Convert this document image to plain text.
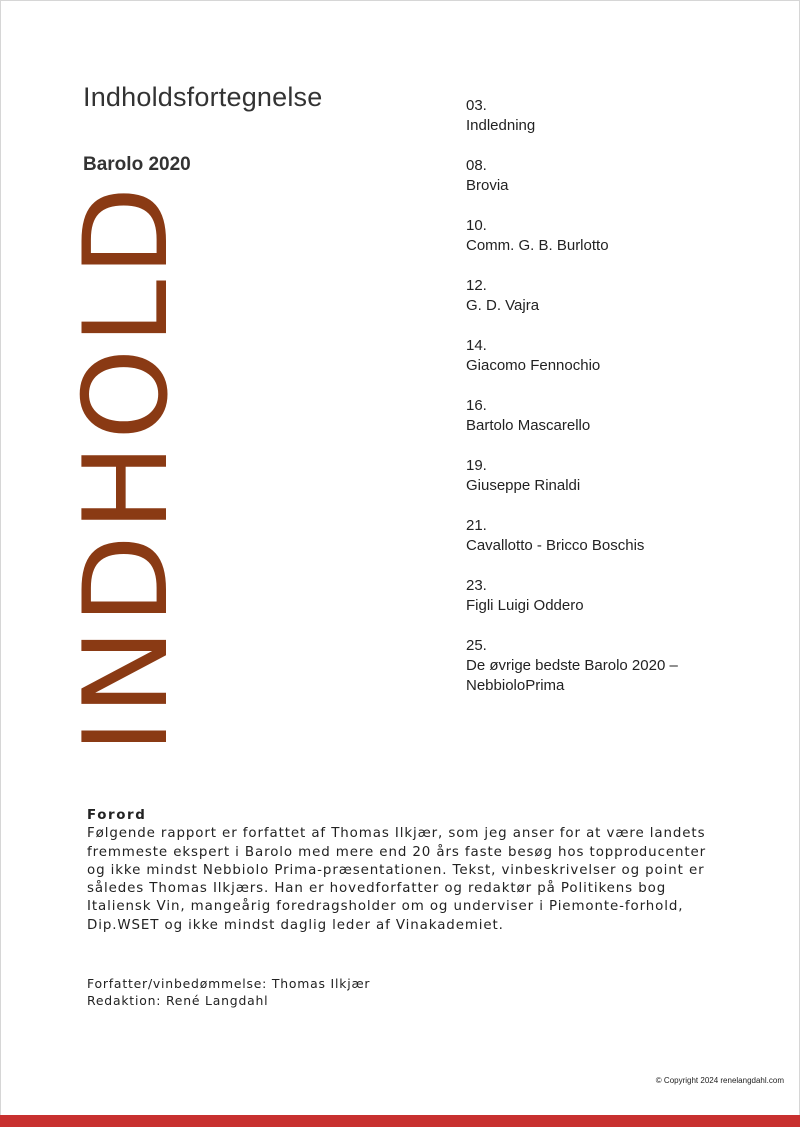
Indholdsfortegnelse
Barolo 2020
INDHOLD
03.
Indledning
08.
Brovia
10.
Comm. G. B. Burlotto
12.
G. D. Vajra
14.
Giacomo Fennochio
16.
Bartolo Mascarello
19.
Giuseppe Rinaldi
21.
Cavallotto - Bricco Boschis
23.
Figli Luigi Oddero
25.
De øvrige bedste Barolo 2020 – NebbioloPrima
Forord
Følgende rapport er forfattet af Thomas Ilkjær, som jeg anser for at være landets fremmeste ekspert i Barolo med mere end 20 års faste besøg hos topproducenter og ikke mindst Nebbiolo Prima-præsentationen. Tekst, vinbeskrivelser og point er således Thomas Ilkjærs. Han er hovedforfatter og redaktør på Politikens bog Italiensk Vin, mangeårig foredragsholder om og underviser i Piemonte-forhold, Dip.WSET og ikke mindst daglig leder af Vinakademiet.
Forfatter/vinbedømmelse: Thomas Ilkjær
Redaktion: René Langdahl
© Copyright 2024 renelangdahl.com
